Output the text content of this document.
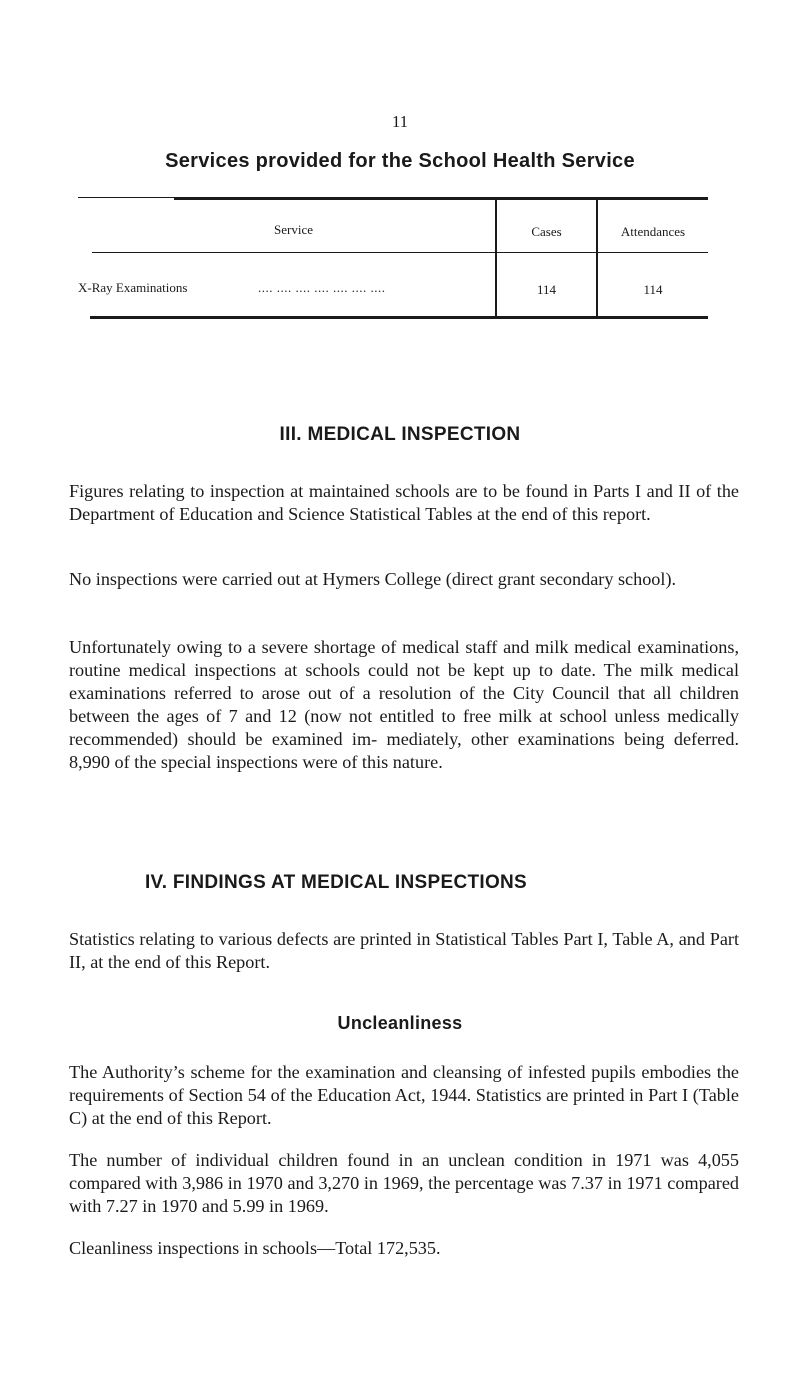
11
Services provided for the School Health Service
Service	Cases	Attendances
X-Ray Examinations	.... .... .... .... .... .... ....	114	114
III. MEDICAL INSPECTION

Figures relating to inspection at maintained schools are to be found in Parts I and II of the Department of Education and Science Statistical Tables at the end of this report.

No inspections were carried out at Hymers College (direct grant secondary school).

Unfortunately owing to a severe shortage of medical staff and milk medical examinations, routine medical inspections at schools could not be kept up to date. The milk medical examinations referred to arose out of a resolution of the City Council that all children between the ages of 7 and 12 (now not entitled to free milk at school unless medically recommended) should be examined im- mediately, other examinations being deferred. 8,990 of the special inspections were of this nature.

IV. FINDINGS AT MEDICAL INSPECTIONS

Statistics relating to various defects are printed in Statistical Tables Part I, Table A, and Part II, at the end of this Report.

Uncleanliness

The Authority’s scheme for the examination and cleansing of infested pupils embodies the requirements of Section 54 of the Education Act, 1944. Statistics are printed in Part I (Table C) at the end of this Report.

The number of individual children found in an unclean condition in 1971 was 4,055 compared with 3,986 in 1970 and 3,270 in 1969, the percentage was 7.37 in 1971 compared with 7.27 in 1970 and 5.99 in 1969.

Cleanliness inspections in schools—Total 172,535.
